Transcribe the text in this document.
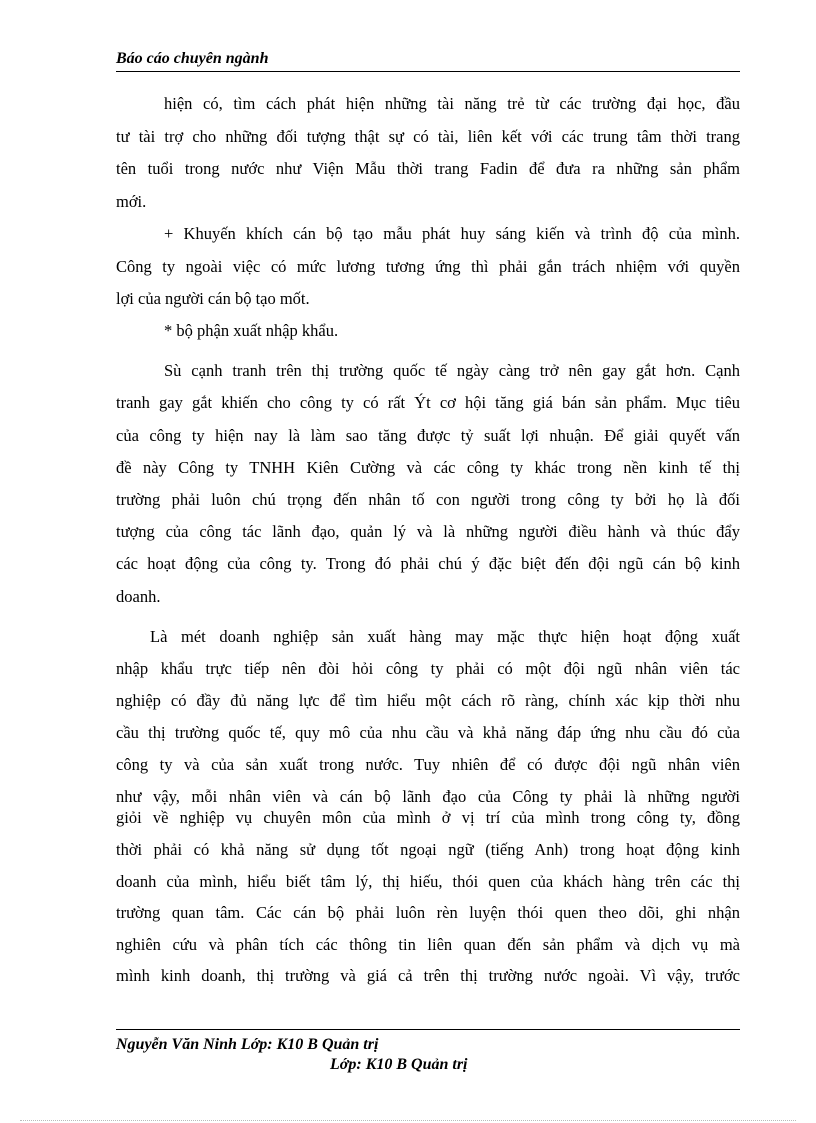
Báo cáo chuyên ngành
hiện có, tìm cách phát hiện những tài năng trẻ từ các trường đại học, đầu
tư tài trợ cho những đối tượng thật sự có tài, liên kết với các trung tâm thời trang
tên tuổi trong nước như Viện Mẫu thời trang Fadin để đưa ra những sản phẩm
mới.
+ Khuyến khích cán bộ tạo mẫu phát huy sáng kiến và trình độ của mình.
Công ty ngoài việc có mức lương tương ứng thì phải gắn trách nhiệm với quyền
lợi của người cán bộ tạo mốt.
* bộ phận xuất nhập khẩu.
Sù cạnh tranh trên thị trường quốc tế ngày càng trở nên gay gắt hơn. Cạnh
tranh gay gắt khiến cho công ty có rất Ýt cơ hội tăng giá bán sản phẩm. Mục tiêu
của công ty hiện nay là làm sao tăng được tỷ suất lợi nhuận. Để giải quyết vấn
đề này Công ty TNHH Kiên Cường và các công ty khác trong nền kinh tế thị
trường phải luôn chú trọng đến nhân tố con người trong công ty bởi họ là đối
tượng của công tác lãnh đạo, quản lý và là những người điều hành và thúc đẩy
các hoạt động của công ty. Trong đó phải chú ý đặc biệt đến đội ngũ cán bộ kinh
doanh.
Là mét doanh nghiệp sản xuất hàng may mặc thực hiện hoạt động xuất
nhập khẩu trực tiếp nên đòi hỏi công ty phải có một đội ngũ nhân viên tác
nghiệp có đầy đủ năng lực để tìm hiểu một cách rõ ràng, chính xác kịp thời nhu
cầu thị trường quốc tế, quy mô của nhu cầu và khả năng đáp ứng nhu cầu đó của
công ty và của sản xuất trong nước. Tuy nhiên để có được đội ngũ nhân viên
như vậy, mỗi nhân viên và cán bộ lãnh đạo của Công ty phải là những người
giỏi về nghiệp vụ chuyên môn của mình ở vị trí của mình trong công ty, đồng
thời phải có khả năng sử dụng tốt ngoại ngữ (tiếng Anh) trong hoạt động kinh
doanh của mình, hiểu biết tâm lý, thị hiếu, thói quen của khách hàng trên các thị
trường quan tâm. Các cán bộ phải luôn rèn luyện thói quen theo dõi, ghi nhận
nghiên cứu và phân tích các thông tin liên quan đến sản phẩm và dịch vụ mà
mình kinh doanh, thị trường và giá cả trên thị trường nước ngoài. Vì vậy, trước
Nguyễn Văn Ninh Lớp: K10 B Quản trị
Lớp: K10 B Quản trị
